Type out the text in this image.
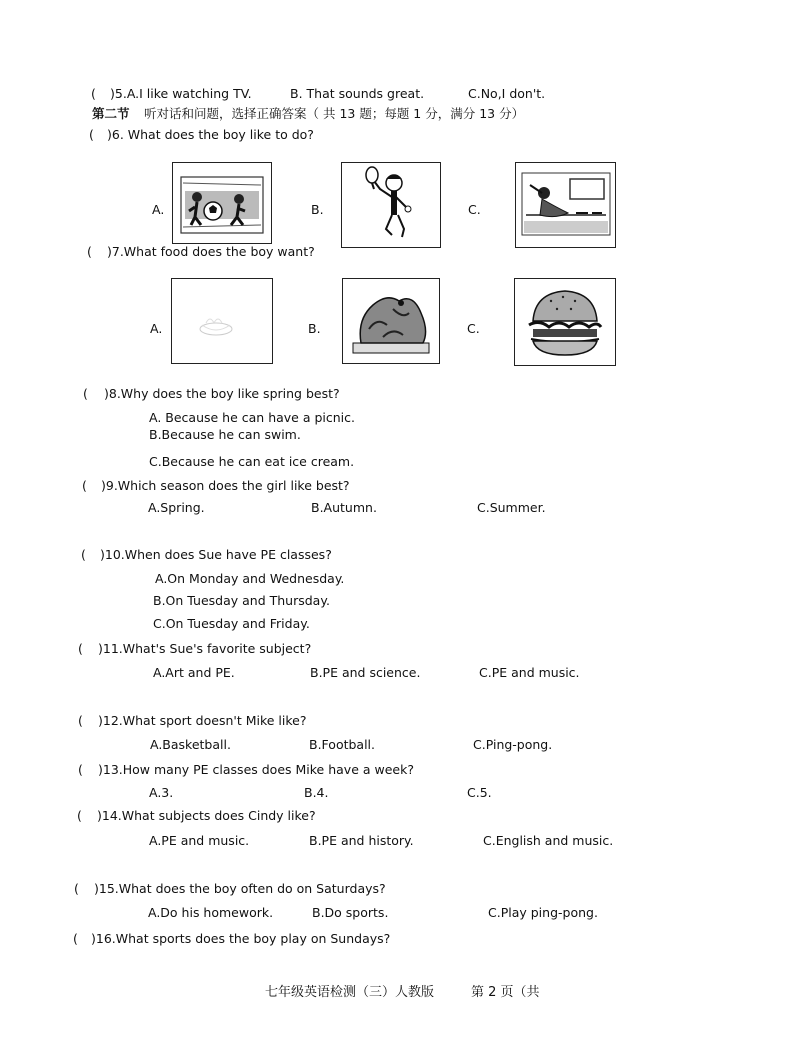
( )5.A.I like watching TV.	B. That sounds great.	C.No,I don't.
第二节 听对话和问题，选择正确答案（ 共 13 题；每题 1 分，满分 13 分）
( )6. What does the boy like to do?
A.	B.	C.
( )7.What food does the boy want?
A.	B.	C.
( )8.Why does the boy like spring best?
A. Because he can have a picnic.
B.Because he can swim.
C.Because he can eat ice cream.
( )9.Which season does the girl like best?
A.Spring.	B.Autumn.	C.Summer.
( )10.When does Sue have PE classes?
A.On Monday and Wednesday.
B.On Tuesday and Thursday.
C.On Tuesday and Friday.
( )11.What's Sue's favorite subject?
A.Art and PE.	B.PE and science.	C.PE and music.
( )12.What sport doesn't Mike like?
A.Basketball.	B.Football.	C.Ping-pong.
( )13.How many PE classes does Mike have a week?
A.3.	B.4.	C.5.
( )14.What subjects does Cindy like?
A.PE and music.	B.PE and history.	C.English and music.
( )15.What does the boy often do on Saturdays?
A.Do his homework.	B.Do sports.	C.Play ping-pong.
( )16.What sports does the boy play on Sundays?
七年级英语检测（三）人教版	第 2 页（共
